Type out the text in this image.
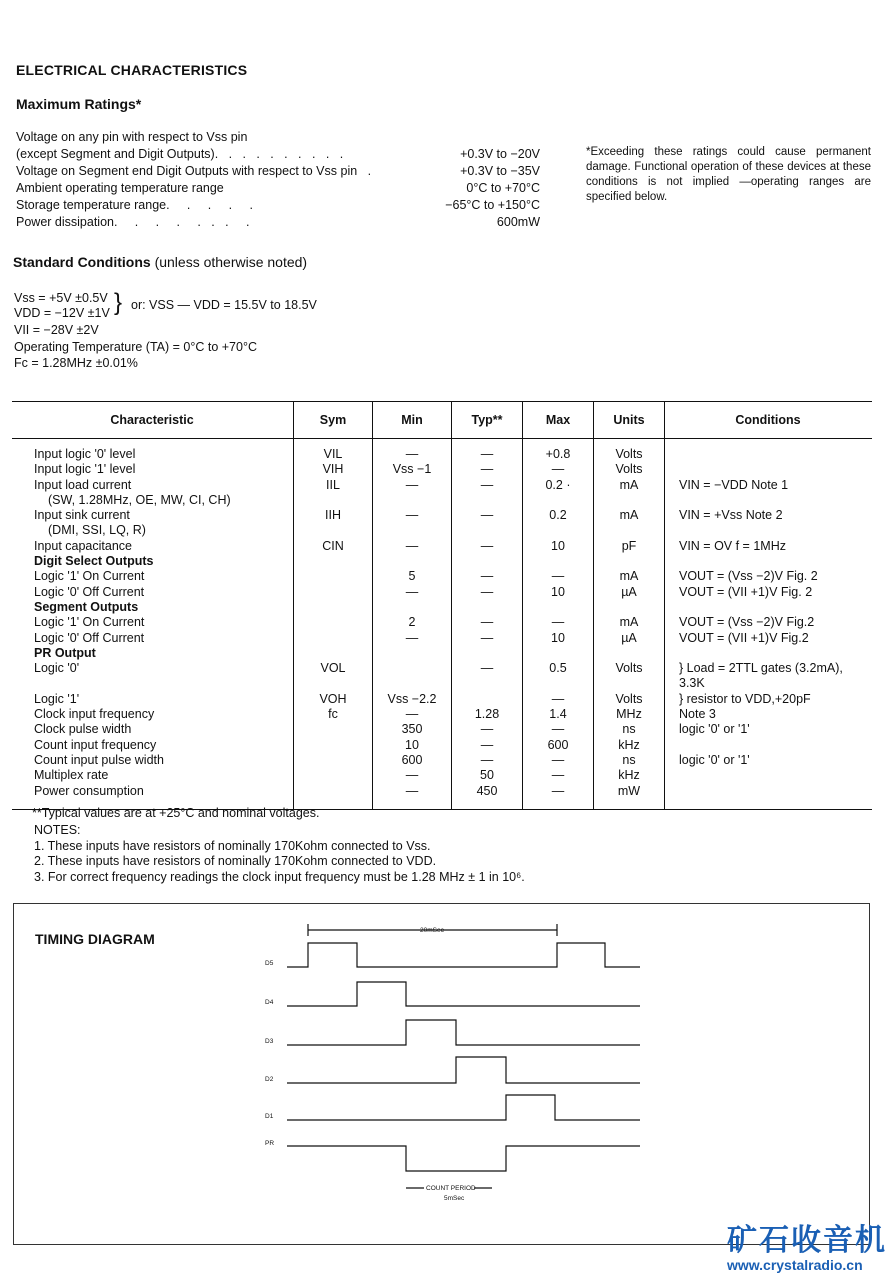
ELECTRICAL CHARACTERISTICS
Maximum Ratings*
Voltage on any pin with respect to Vss pin
(except Segment and Digit Outputs).   .   .   .   .   .   .   .   .   .	+0.3V to −20V
Voltage on Segment end Digit Outputs with respect to Vss pin   .	+0.3V to −35V
Ambient operating temperature range	0°C to +70°C
Storage temperature range.     .     .     .     .	−65°C to +150°C
Power dissipation.     .     .     .     .   .   .     .	600mW
*Exceeding these ratings could cause permanent damage. Functional operation of these devices at these conditions is not implied —operating ranges are specified below.
Standard Conditions (unless otherwise noted)
Vss = +5V ±0.5V
VDD = −12V ±1V } or: VSS — VDD = 15.5V to 18.5V
VII = −28V ±2V
Operating Temperature (TA) = 0°C to +70°C
Fc = 1.28MHz ±0.01%
Characteristic	Sym	Min	Typ**	Max	Units	Conditions
Input logic '0' level	VIL	—	—	+0.8	Volts	
Input logic '1' level	VIH	Vss −1	—	—	Volts	
Input load current	IIL	—	—	0.2 ·	mA	VIN = −VDD Note 1
(SW, 1.28MHz, OE, MW, CI, CH)						
Input sink current	IIH	—	—	0.2	mA	VIN = +Vss Note 2
(DMI, SSI, LQ, R)						
Input capacitance	CIN	—	—	10	pF	VIN = OV f = 1MHz
Digit Select Outputs						
Logic '1' On Current		5	—	—	mA	VOUT = (Vss −2)V Fig. 2
Logic '0' Off Current		—	—	10	µA	VOUT = (VII +1)V Fig. 2
Segment Outputs						
Logic '1' On Current		2	—	—	mA	VOUT = (Vss −2)V Fig.2
Logic '0' Off Current		—	—	10	µA	VOUT = (VII +1)V Fig.2
PR Output						
Logic '0'	VOL		—	0.5	Volts	} Load = 2TTL gates (3.2mA), 3.3K
Logic '1'	VOH	Vss −2.2		—	Volts	} resistor to VDD,+20pF
Clock input frequency	fc	—	1.28	1.4	MHz	Note 3
Clock pulse width		350	—	—	ns	logic '0' or '1'
Count input frequency		10	—	600	kHz	
Count input pulse width		600	—	—	ns	logic '0' or '1'
Multiplex rate		—	50	—	kHz	
Power consumption		—	450	—	mW	
**Typical values are at +25°C and nominal voltages.
NOTES:
1. These inputs have resistors of nominally 170Kohm connected to Vss.
2. These inputs have resistors of nominally 170Kohm connected to VDD.
3. For correct frequency readings the clock input frequency must be 1.28 MHz ± 1 in 10⁶.
TIMING DIAGRAM
D5
D4
D3
D2
D1
PR
20mSec
COUNT PERIOD
5mSec
矿石收音机
www.crystalradio.cn
